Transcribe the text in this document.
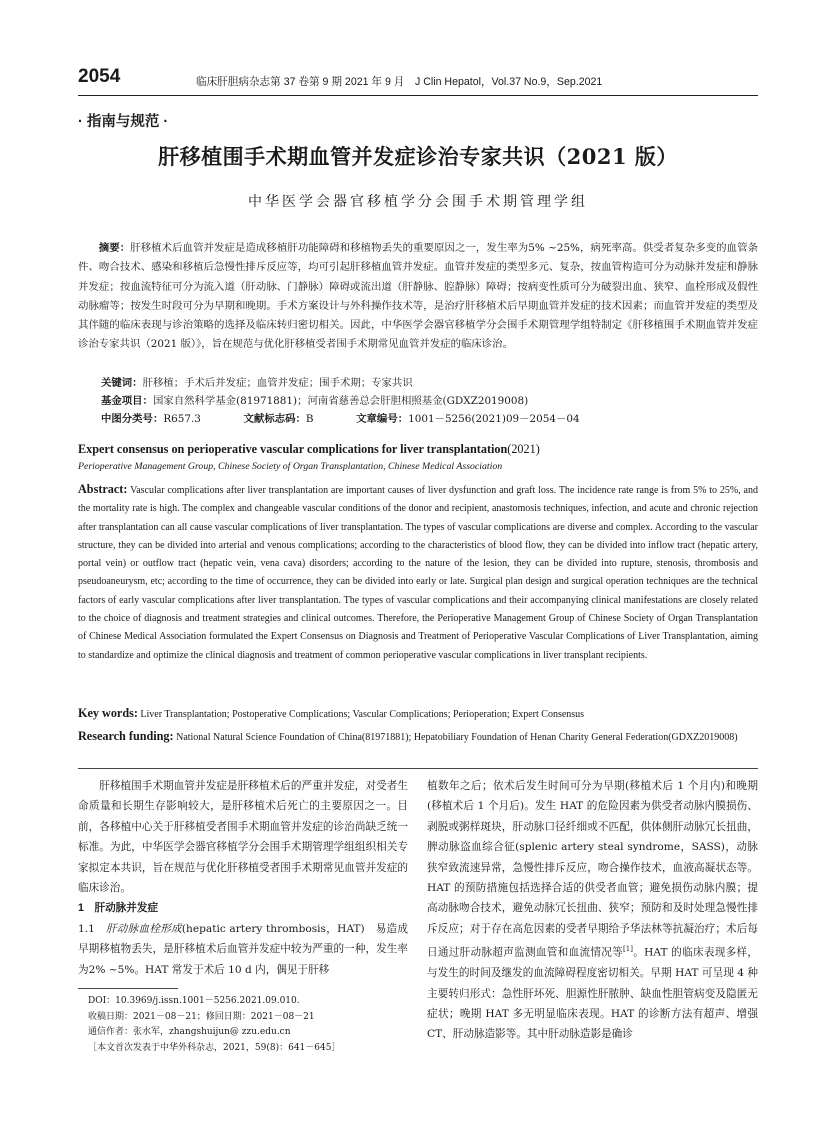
2054	临床肝胆病杂志第 37 卷第 9 期 2021 年 9 月　J Clin Hepatol，Vol.37 No.9，Sep.2021
· 指南与规范 ·
肝移植围手术期血管并发症诊治专家共识（2021 版）
中华医学会器官移植学分会围手术期管理学组
摘要：肝移植术后血管并发症是造成移植肝功能障碍和移植物丢失的重要原因之一，发生率为5% ~25%，病死率高。供受者复杂多变的血管条件、吻合技术、感染和移植后急慢性排斥反应等，均可引起肝移植血管并发症。血管并发症的类型多元、复杂，按血管构造可分为动脉并发症和静脉并发症；按血流特征可分为流入道（肝动脉、门静脉）障碍或流出道（肝静脉、腔静脉）障碍；按病变性质可分为破裂出血、狭窄、血栓形成及假性动脉瘤等；按发生时段可分为早期和晚期。手术方案设计与外科操作技术等，是治疗肝移植术后早期血管并发症的技术因素；而血管并发症的类型及其伴随的临床表现与诊治策略的选择及临床转归密切相关。因此，中华医学会器官移植学分会围手术期管理学组特制定《肝移植围手术期血管并发症诊治专家共识（2021 版）》，旨在规范与优化肝移植受者围手术期常见血管并发症的临床诊治。
关键词：肝移植；手术后并发症；血管并发症；围手术期；专家共识
基金项目：国家自然科学基金(81971881)；河南省慈善总会肝胆相照基金(GDXZ2019008)
中图分类号：R657.3	文献标志码：B	文章编号：1001－5256(2021)09－2054－04
Expert consensus on perioperative vascular complications for liver transplantation(2021)
Perioperative Management Group, Chinese Society of Organ Transplantation, Chinese Medical Association
Abstract: Vascular complications after liver transplantation are important causes of liver dysfunction and graft loss. The incidence rate range is from 5% to 25%, and the mortality rate is high. The complex and changeable vascular conditions of the donor and recipient, anastomosis techniques, infection, and acute and chronic rejection after transplantation can all cause vascular complications of liver transplantation. The types of vascular complications are diverse and complex. According to the vascular structure, they can be divided into arterial and venous complications; according to the characteristics of blood flow, they can be divided into inflow tract (hepatic artery, portal vein) or outflow tract (hepatic vein, vena cava) disorders; according to the nature of the lesion, they can be divided into rupture, stenosis, thrombosis and pseudoaneurysm, etc; according to the time of occurrence, they can be divided into early or late. Surgical plan design and surgical operation techniques are the technical factors of early vascular complications after liver transplantation. The types of vascular complications and their accompanying clinical manifestations are closely related to the choice of diagnosis and treatment strategies and clinical outcomes. Therefore, the Perioperative Management Group of Chinese Society of Organ Transplantation of Chinese Medical Association formulated the Expert Consensus on Diagnosis and Treatment of Perioperative Vascular Complications of Liver Transplantation, aiming to standardize and optimize the clinical diagnosis and treatment of common perioperative vascular complications in liver transplant recipients.
Key words: Liver Transplantation; Postoperative Complications; Vascular Complications; Perioperation; Expert Consensus
Research funding: National Natural Science Foundation of China(81971881); Hepatobiliary Foundation of Henan Charity General Federation(GDXZ2019008)

肝移植围手术期血管并发症是肝移植术后的严重并发症，对受者生命质量和长期生存影响较大，是肝移植术后死亡的主要原因之一。目前，各移植中心关于肝移植受者围手术期血管并发症的诊治尚缺乏统一标准。为此，中华医学会器官移植学分会围手术期管理学组组织相关专家拟定本共识，旨在规范与优化肝移植受者围手术期常见血管并发症的临床诊治。

1　肝动脉并发症
1.1　肝动脉血栓形成(hepatic artery thrombosis，HAT)　易造成早期移植物丢失，是肝移植术后血管并发症中较为严重的一种，发生率为2% ~5%。HAT 常发于术后 10 d 内，偶见于肝移
DOI：10.3969/j.issn.1001－5256.2021.09.010.
收稿日期：2021－08－21；修回日期：2021－08－21
通信作者：张水军，zhangshuijun@ zzu.edu.cn
［本文首次发表于中华外科杂志，2021，59(8)：641－645］

植数年之后；依术后发生时间可分为早期(移植术后 1 个月内)和晚期(移植术后 1 个月后)。发生 HAT 的危险因素为供受者动脉内膜损伤、剥脱或粥样斑块，肝动脉口径纤细或不匹配，供体侧肝动脉冗长扭曲，脾动脉盗血综合征(splenic artery steal syndrome，SASS)，动脉狭窄致流速异常，急慢性排斥反应，吻合操作技术，血液高凝状态等。HAT 的预防措施包括选择合适的供受者血管；避免损伤动脉内膜；提高动脉吻合技术，避免动脉冗长扭曲、狭窄；预防和及时处理急慢性排斥反应；对于存在高危因素的受者早期给予华法林等抗凝治疗；术后每日通过肝动脉超声监测血管和血流情况等[1]。HAT 的临床表现多样，与发生的时间及继发的血流障碍程度密切相关。早期 HAT 可呈现 4 种主要转归形式：急性肝坏死、胆源性肝脓肿、缺血性胆管病变及隐匿无症状；晚期 HAT 多无明显临床表现。HAT 的诊断方法有超声、增强 CT、肝动脉造影等。其中肝动脉造影是确诊
